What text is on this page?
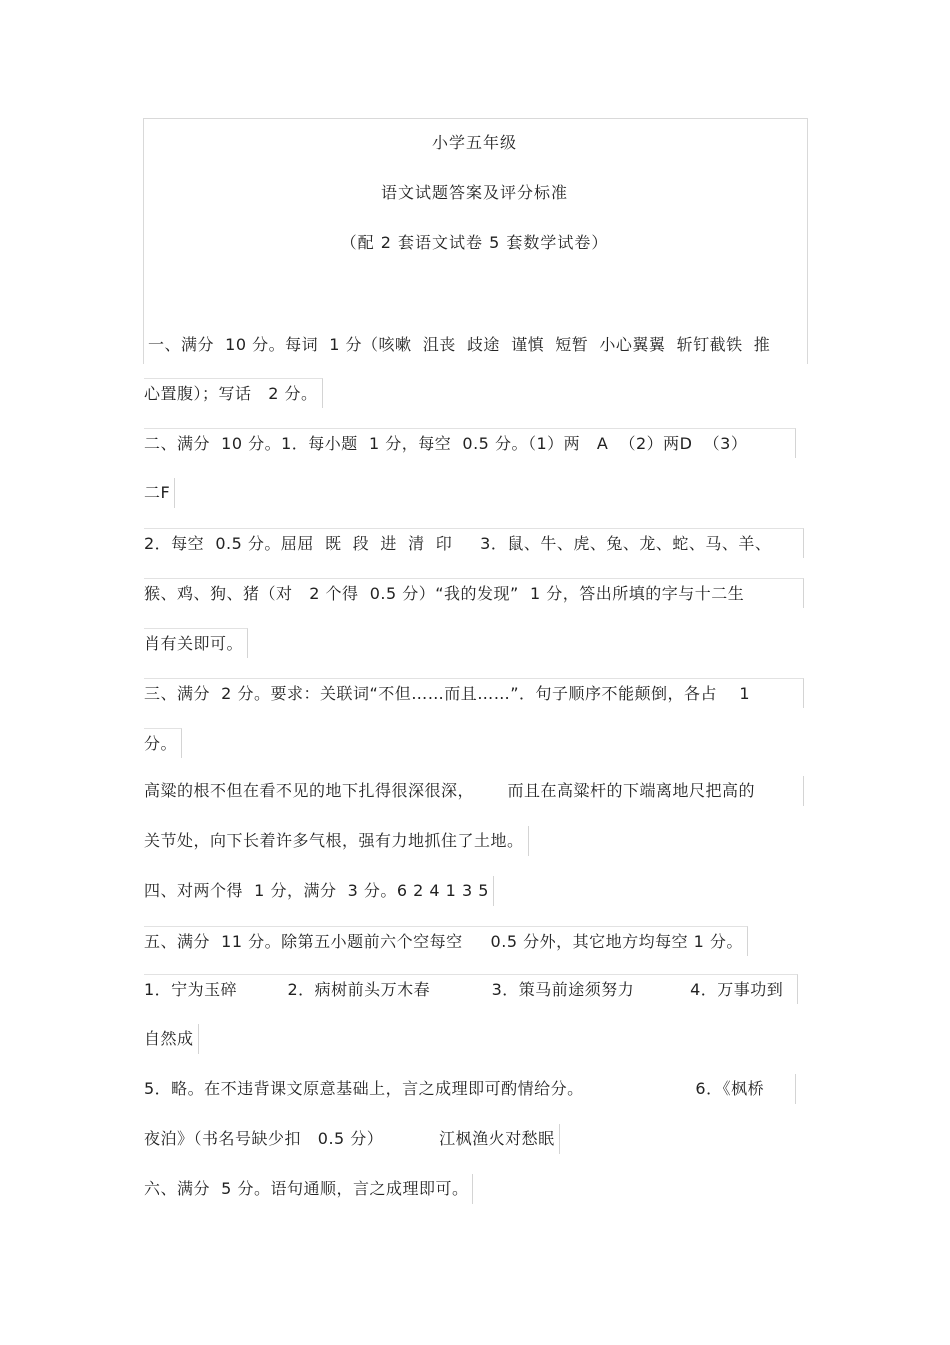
小学五年级
语文试题答案及评分标准
（配 2 套语文试卷 5 套数学试卷）
一、满分  10 分。每词  1 分（咳嗽  沮丧  歧途  谨慎  短暂  小心翼翼  斩钉截铁  推
心置腹）；写话   2 分。
二、满分  10 分。1．每小题  1 分，每空  0.5 分。（1）两   A  （2）两D  （3）
二F
2．每空  0.5 分。屈屈  既  段  进  清  印     3．鼠、牛、虎、兔、龙、蛇、马、羊、
猴、鸡、狗、猪（对   2 个得  0.5 分）“我的发现”  1 分，答出所填的字与十二生
肖有关即可。
三、满分  2 分。要求：关联词“不但……而且……”．句子顺序不能颠倒，各占    1
分。
高粱的根不但在看不见的地下扎得很深很深，      而且在高粱杆的下端离地尺把高的
关节处，向下长着许多气根，强有力地抓住了土地。
四、对两个得  1 分，满分  3 分。6 2 4 1 3 5
五、满分  11 分。除第五小题前六个空每空     0.5 分外，其它地方均每空 1 分。
1．宁为玉碎         2．病树前头万木春           3．策马前途须努力          4．万事功到
自然成
5．略。在不违背课文原意基础上，言之成理即可酌情给分。                    6．《枫桥
夜泊》（书名号缺少扣   0.5 分）          江枫渔火对愁眠
六、满分  5 分。语句通顺，言之成理即可。
